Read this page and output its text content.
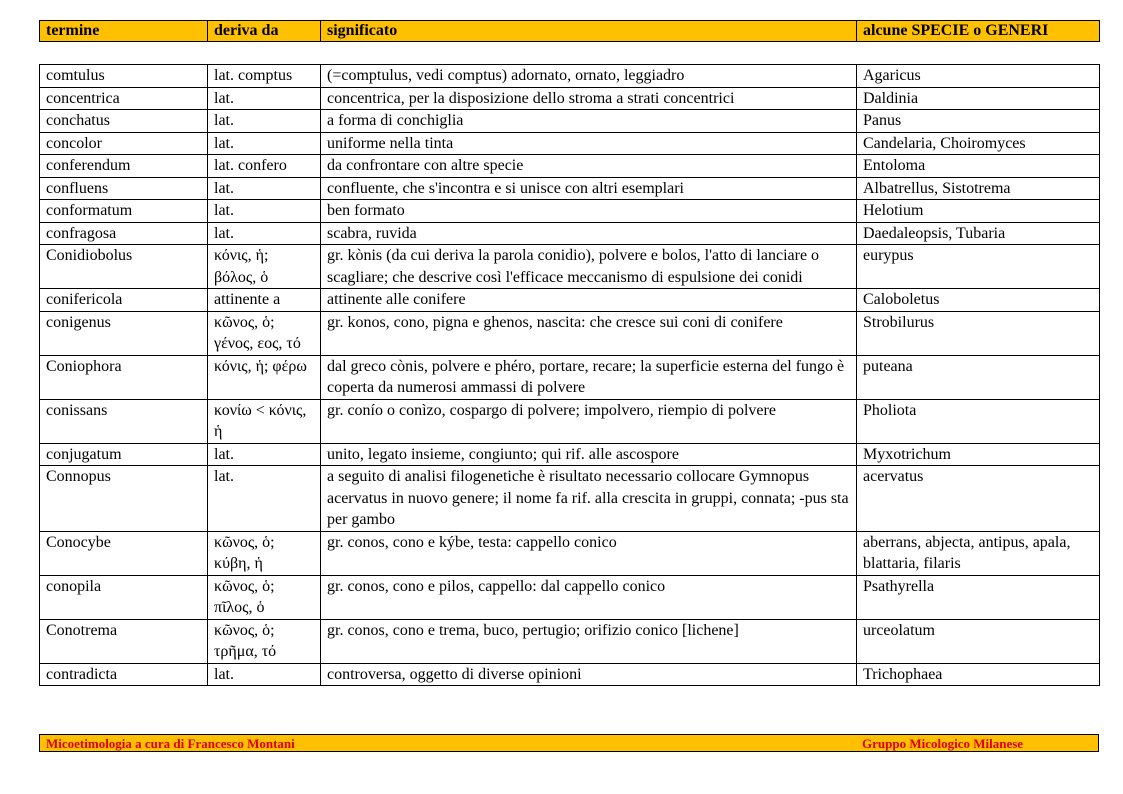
termine	deriva da	significato	alcune SPECIE o GENERI
comtulus	lat. comptus	(=comptulus, vedi comptus) adornato, ornato, leggiadro	Agaricus
concentrica	lat.	concentrica, per la disposizione dello stroma a strati concentrici	Daldinia
conchatus	lat.	a forma di conchiglia	Panus
concolor	lat.	uniforme nella tinta	Candelaria, Choiromyces
conferendum	lat. confero	da confrontare con altre specie	Entoloma
confluens	lat.	confluente, che s'incontra e si unisce con altri esemplari	Albatrellus, Sistotrema
conformatum	lat.	ben formato	Helotium
confragosa	lat.	scabra, ruvida	Daedaleopsis, Tubaria
Conidiobolus	κόνις, ἡ; βόλος, ὁ	gr. kònis (da cui deriva la parola conidio), polvere e bolos, l'atto di lanciare o scagliare; che descrive così l'efficace meccanismo di espulsione dei conidi	eurypus
conifericola	attinente a	attinente alle conifere	Caloboletus
conigenus	κῶνος, ὁ; γένος, εος, τό	gr. konos, cono, pigna e ghenos, nascita: che cresce sui coni di conifere	Strobilurus
Coniophora	κόνις, ἡ; φέρω	dal greco cònis, polvere e phéro, portare, recare; la superficie esterna del fungo è coperta da numerosi ammassi di polvere	puteana
conissans	κονίω < κόνις, ἡ	gr. conío o conìzo, cospargo di polvere; impolvero, riempio di polvere	Pholiota
conjugatum	lat.	unito, legato insieme, congiunto; qui rif. alle ascospore	Myxotrichum
Connopus	lat.	a seguito di analisi filogenetiche è risultato necessario collocare Gymnopus acervatus in nuovo genere; il nome fa rif. alla crescita in gruppi, connata; -pus sta per gambo	acervatus
Conocybe	κῶνος, ὁ; κύβη, ἡ	gr. conos, cono e kýbe, testa: cappello conico	aberrans, abjecta, antipus, apala, blattaria, filaris
conopila	κῶνος, ὁ; πῖλος, ὁ	gr. conos, cono e pilos, cappello: dal cappello conico	Psathyrella
Conotrema	κῶνος, ὁ; τρῆμα, τό	gr. conos, cono e trema, buco, pertugio; orifizio conico [lichene]	urceolatum
contradicta	lat.	controversa, oggetto di diverse opinioni	Trichophaea
Micoetimologia a cura di Francesco Montani	Gruppo Micologico Milanese
